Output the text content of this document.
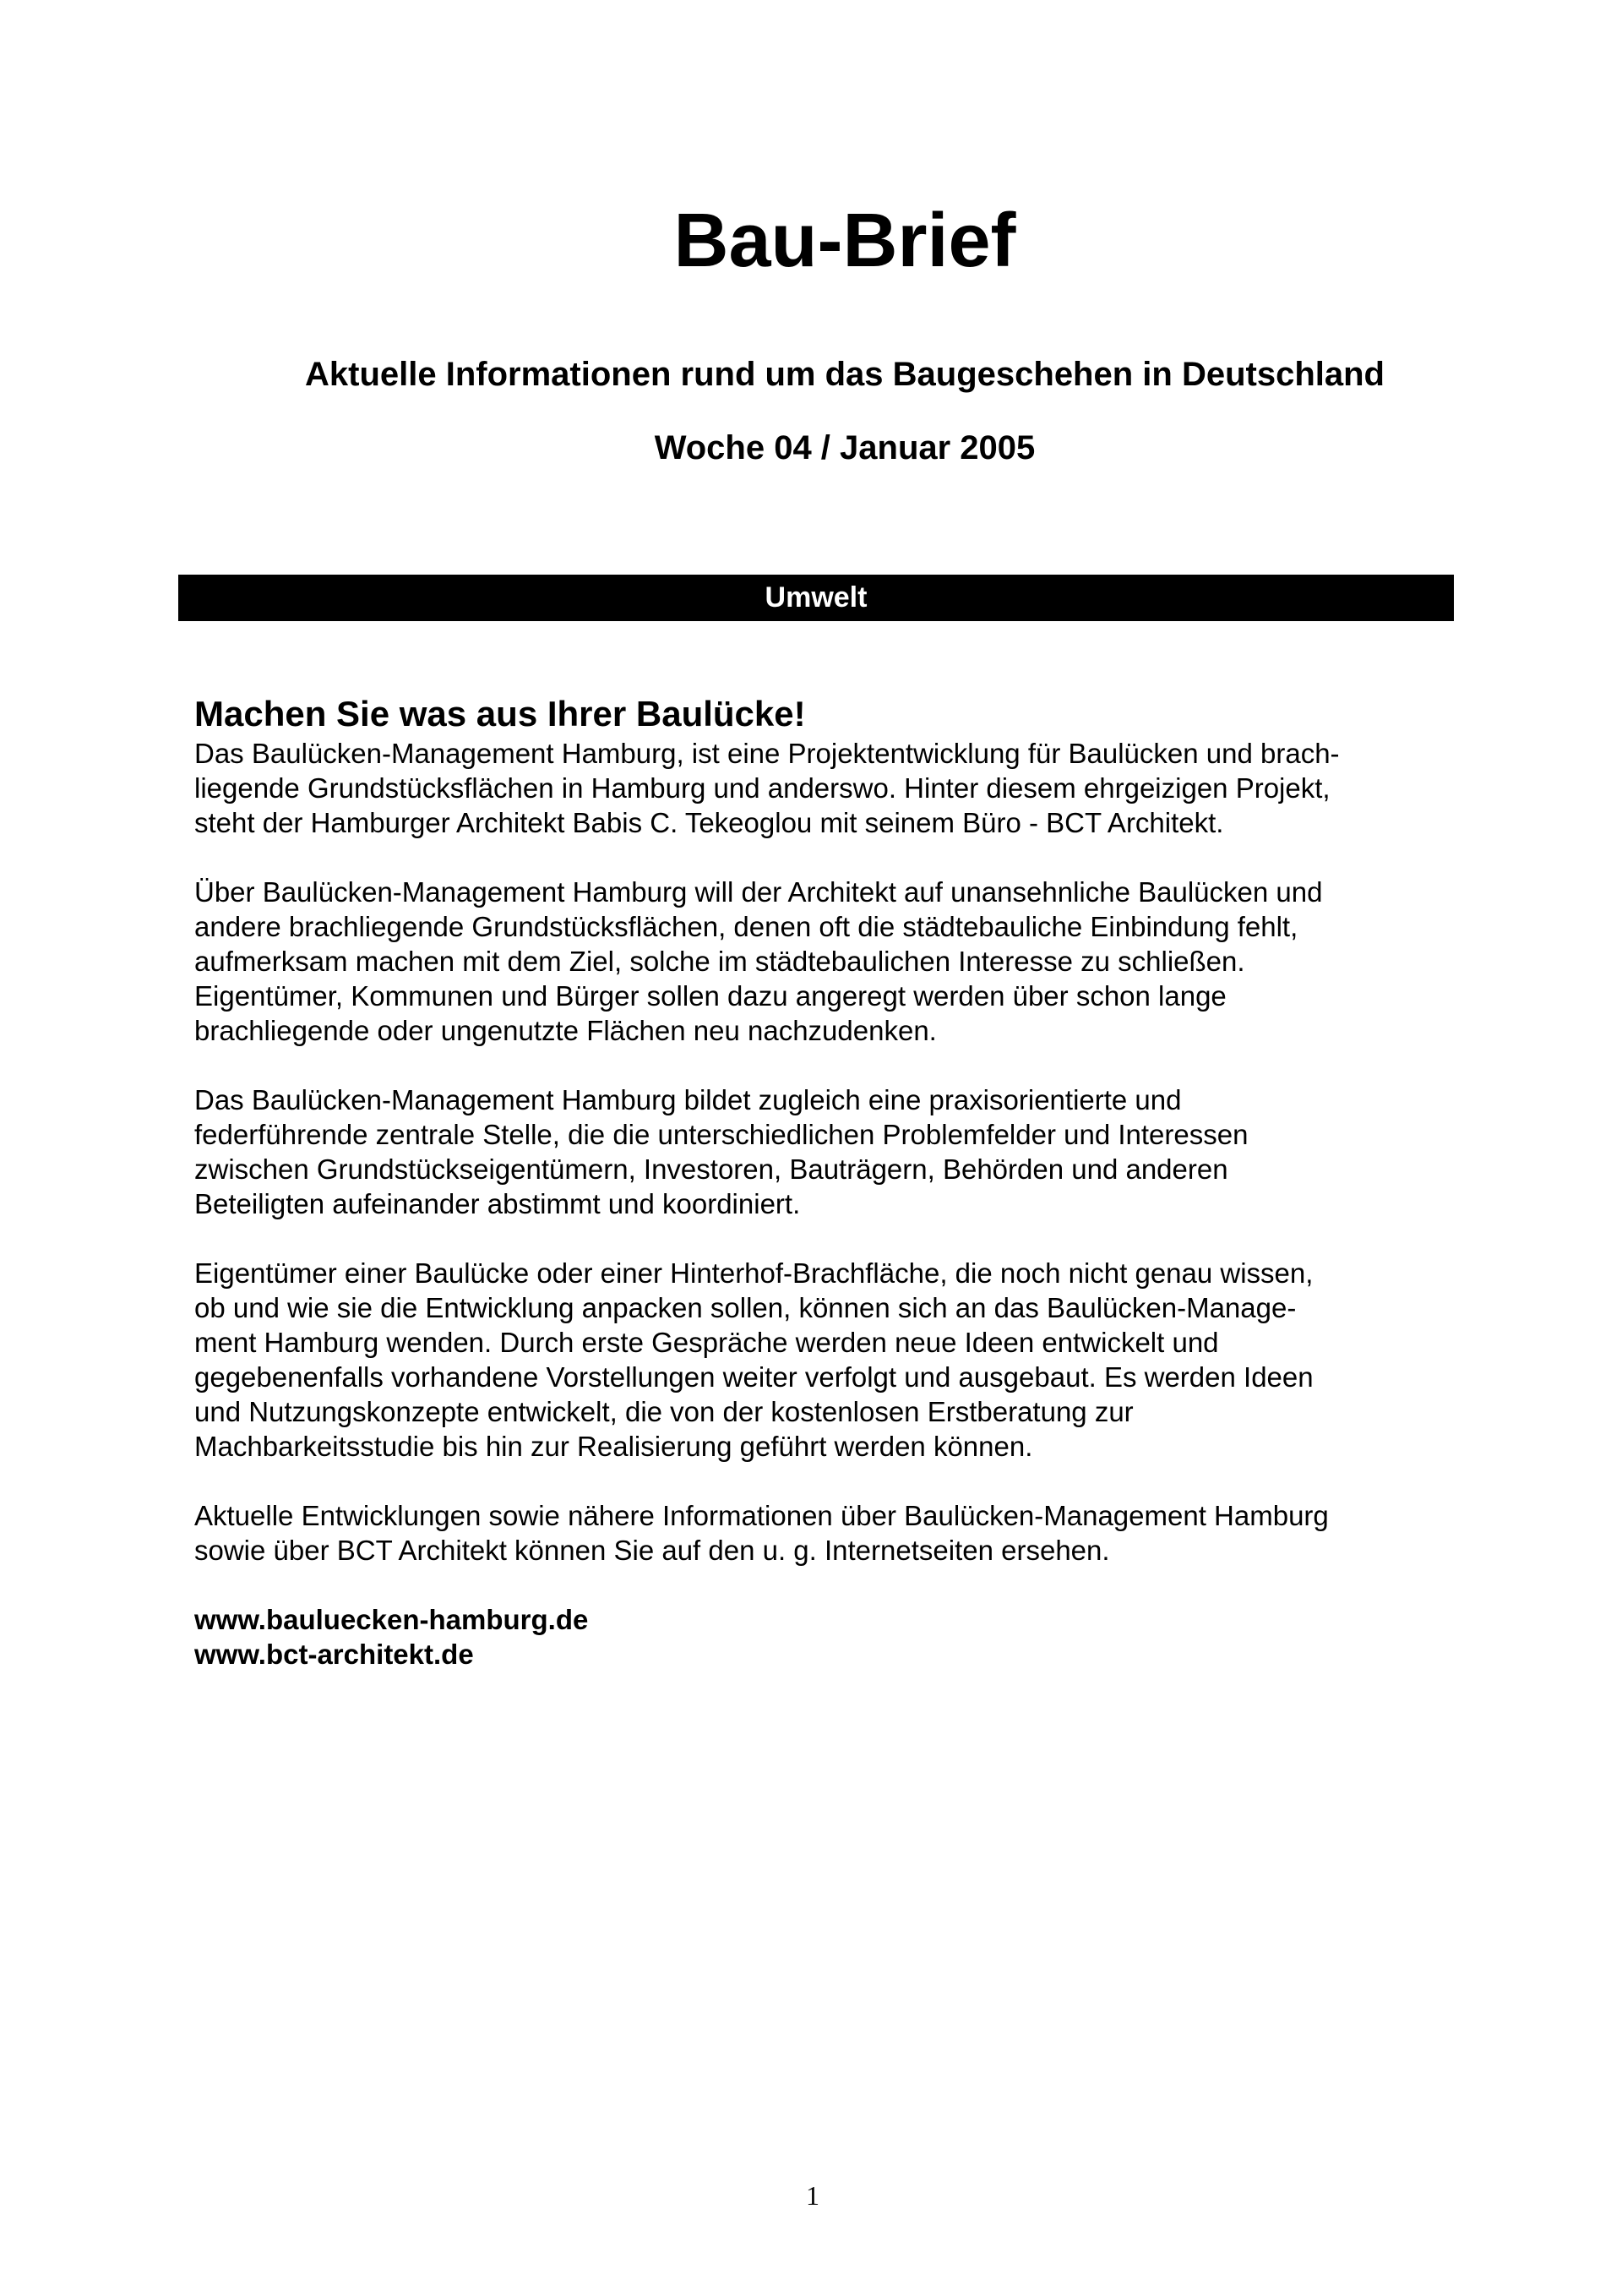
Bau-Brief
Aktuelle Informationen rund um das Baugeschehen in Deutschland
Woche 04 / Januar 2005
Umwelt
Machen Sie was aus Ihrer Baulücke!
Das Baulücken-Management Hamburg, ist eine Projektentwicklung für Baulücken und brach-
liegende Grundstücksflächen in Hamburg und anderswo. Hinter diesem ehrgeizigen Projekt,
steht der Hamburger Architekt Babis C. Tekeoglou mit seinem Büro - BCT Architekt.
Über Baulücken-Management Hamburg will der Architekt auf unansehnliche Baulücken und
andere brachliegende Grundstücksflächen, denen oft die städtebauliche Einbindung fehlt,
aufmerksam machen mit dem Ziel, solche im städtebaulichen Interesse zu schließen.
Eigentümer, Kommunen und Bürger sollen dazu angeregt werden über schon lange
brachliegende oder ungenutzte Flächen neu nachzudenken.
Das Baulücken-Management Hamburg bildet zugleich eine praxisorientierte und
federführende zentrale Stelle, die die unterschiedlichen Problemfelder und Interessen
zwischen Grundstückseigentümern, Investoren, Bauträgern, Behörden und anderen
Beteiligten aufeinander abstimmt und koordiniert.
Eigentümer einer Baulücke oder einer Hinterhof-Brachfläche, die noch nicht genau wissen,
ob und wie sie die Entwicklung anpacken sollen, können sich an das Baulücken-Manage-
ment Hamburg wenden. Durch erste Gespräche werden neue Ideen entwickelt und
gegebenenfalls vorhandene Vorstellungen weiter verfolgt und ausgebaut. Es werden Ideen
und Nutzungskonzepte entwickelt, die von der kostenlosen Erstberatung zur
Machbarkeitsstudie bis hin zur Realisierung geführt werden können.
Aktuelle Entwicklungen sowie nähere Informationen über Baulücken-Management Hamburg
sowie über BCT Architekt können Sie auf den u. g. Internetseiten ersehen.
www.bauluecken-hamburg.de
www.bct-architekt.de
1
